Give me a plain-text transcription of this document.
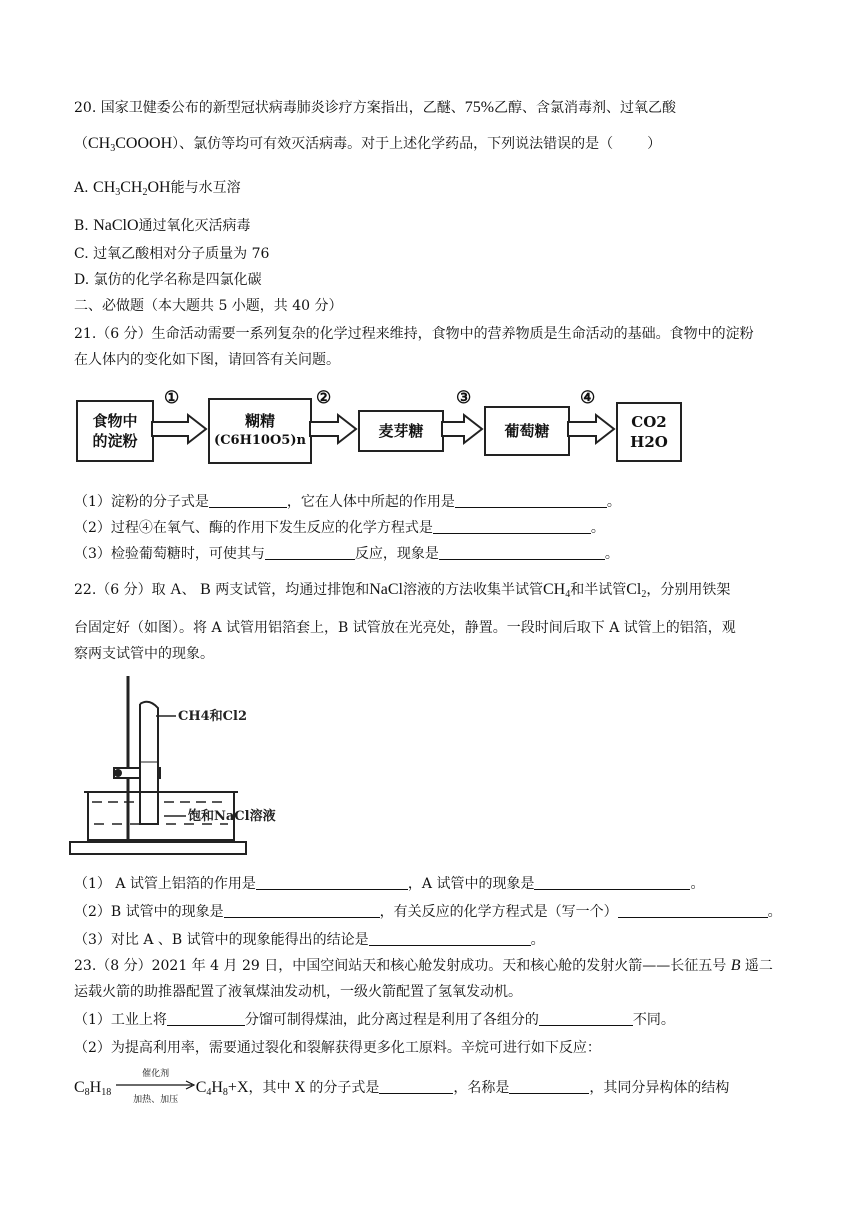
20. 国家卫健委公布的新型冠状病毒肺炎诊疗方案指出，乙醚、75%乙醇、含氯消毒剂、过氧乙酸
$(CH_3COOOH)$、氯仿等均可有效灭活病毒。对于上述化学药品，下列说法错误的是（ ）
A. $CH_3CH_2OH$能与水互溶
B. NaClO通过氧化灭活病毒
C. 过氧乙酸相对分子质量为 76
D. 氯仿的化学名称是四氯化碳
二、必做题（本大题共 5 小题，共 40 分）
21.（6 分）生命活动需要一系列复杂的化学过程来维持，食物中的营养物质是生命活动的基础。食物中的淀粉
在人体内的变化如下图，请回答有关问题。
食物中
的淀粉
糊精
(C6H10O5)n
麦芽糖	葡萄糖	CO2
H2O
①	②	③	④
（1）淀粉的分子式是	，它在人体中所起的作用是	。
（2）过程④在氧气、酶的作用下发生反应的化学方程式是	。
（3）检验葡萄糖时，可使其与	反应，现象是	。
22.（6 分）取 A、 B 两支试管，均通过排饱和NaCl溶液的方法收集半试管$CH_4$和半试管$Cl_2$，分别用铁架
台固定好（如图）。将 A 试管用铝箔套上，B 试管放在光亮处，静置。一段时间后取下 A 试管上的铝箔，观
察两支试管中的现象。
CH4和Cl2
饱和NaCl溶液
（1） A 试管上铝箔的作用是	，A 试管中的现象是	。
（2）B 试管中的现象是	，有关反应的化学方程式是（写一个）	。
（3）对比 A 、B 试管中的现象能得出的结论是	。
23.（8 分）2021 年 4 月 29 日，中国空间站天和核心舱发射成功。天和核心舱的发射火箭——长征五号 B 遥二
运载火箭的助推器配置了液氧煤油发动机，一级火箭配置了氢氧发动机。
（1）工业上将	分馏可制得煤油，此分离过程是利用了各组分的	不同。
（2）为提高利用率，需要通过裂化和裂解获得更多化工原料。辛烷可进行如下反应：
$C_8H_{18}$
催化剂
加热、加压
$C_4H_8+X$，其中 X 的分子式是	，名称是	，其同分异构体的结构
